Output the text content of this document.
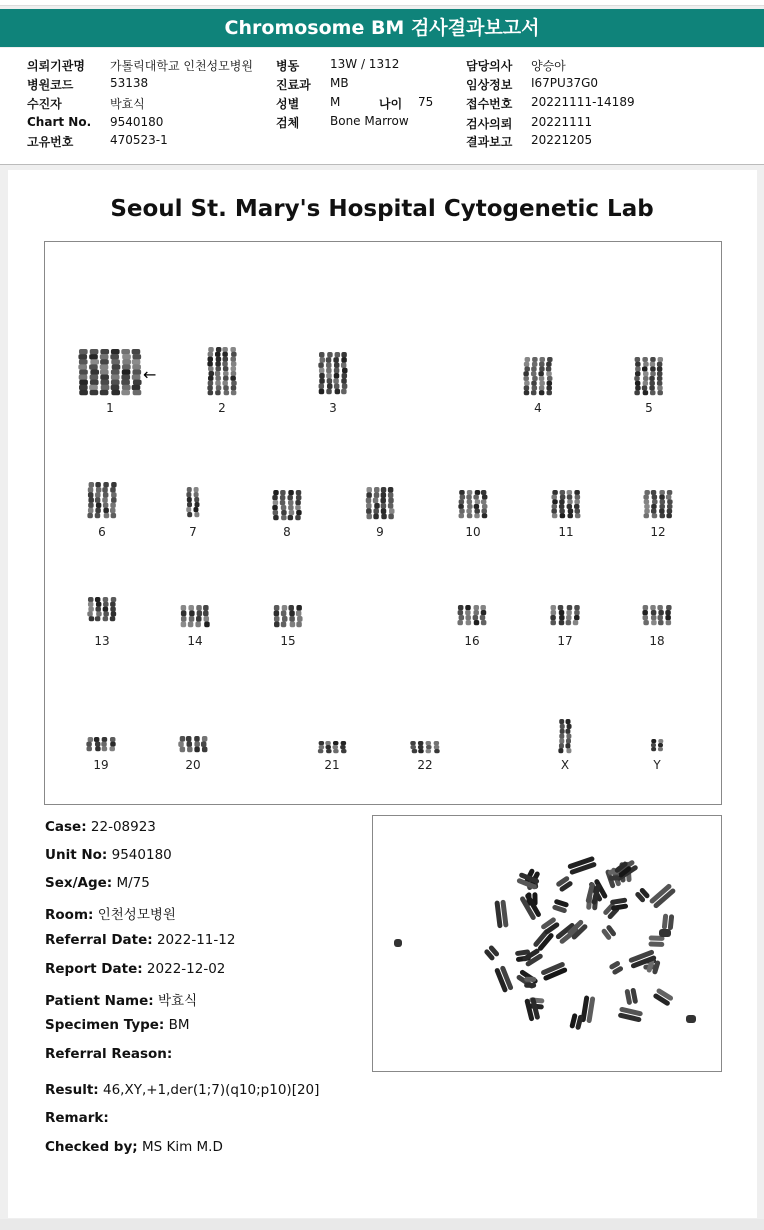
Chromosome BM 검사결과보고서
의뢰기관명 가톨릭대학교 인천성모병원
병원코드	53138
수진자	박효식
Chart No. 9540180
고유번호	470523-1
병동	13W / 1312
진료과 MB
성별	M	나이 75
검체	Bone Marrow
담당의사 양승아
임상정보 I67PU37G0
접수번호 20221111-14189
검사의뢰 20221111
결과보고 20221205
Seoul St. Mary's Hospital Cytogenetic Lab
1	2	3	4	5
6	7	8	9	10	11	12
13	14	15	16	17	18
19	20	21	22	X	Y
←
Case: 22-08923
Unit No: 9540180
Sex/Age: M/75
Room: 인천성모병원
Referral Date: 2022-11-12
Report Date: 2022-12-02
Patient Name: 박효식
Specimen Type: BM
Referral Reason:
Result: 46,XY,+1,der(1;7)(q10;p10)[20]
Remark:
Checked by; MS Kim M.D
